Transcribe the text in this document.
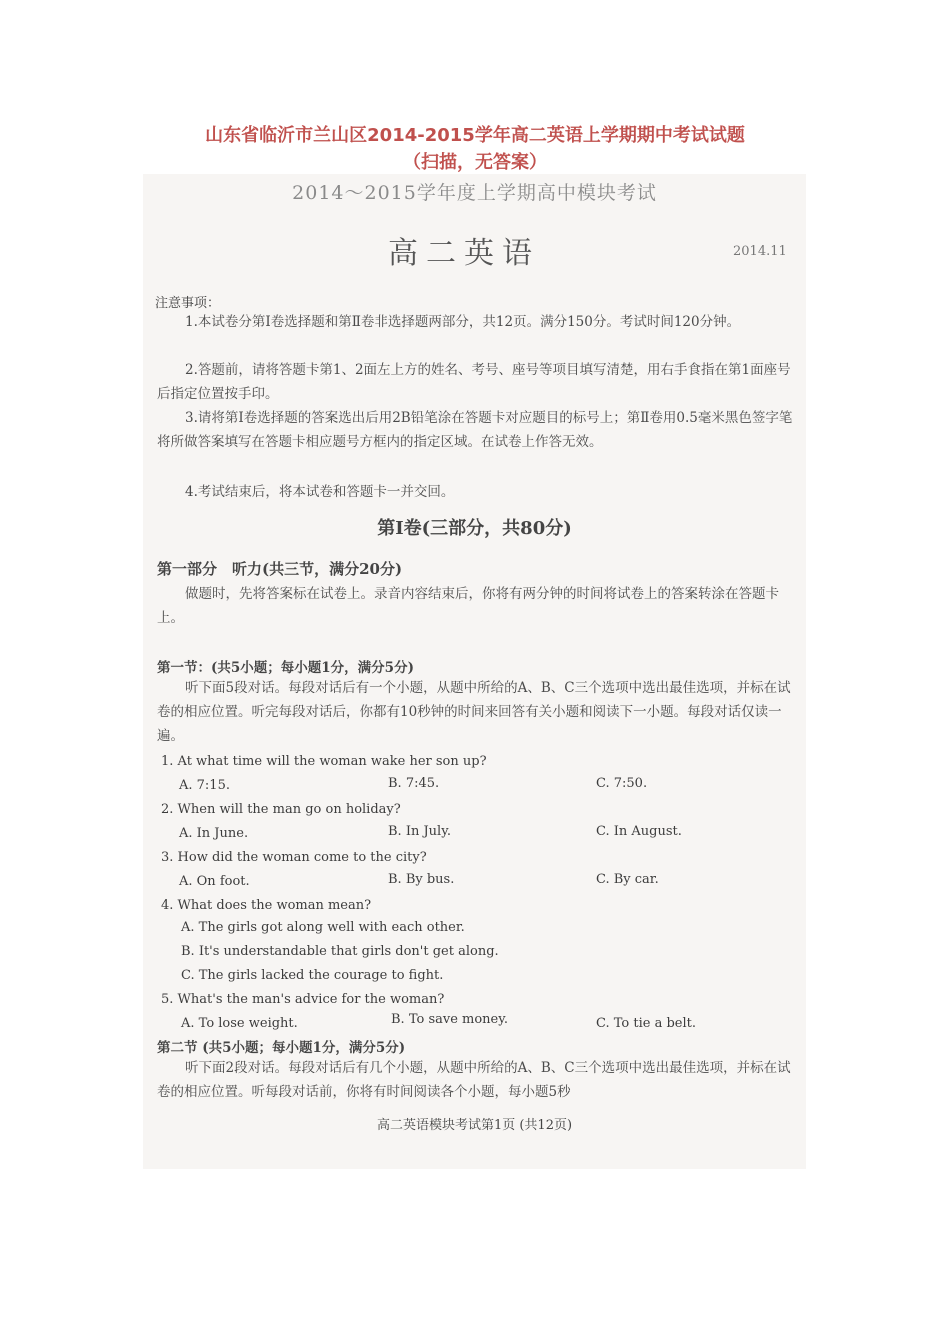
山东省临沂市兰山区2014-2015学年高二英语上学期期中考试试题
（扫描，无答案）
2014～2015学年度上学期高中模块考试
高二英语	2014.11
注意事项：
1.本试卷分第Ⅰ卷选择题和第Ⅱ卷非选择题两部分，共12页。满分150分。考试时间120分钟。
2.答题前，请将答题卡第1、2面左上方的姓名、考号、座号等项目填写清楚，用右手食指在第1面座号后指定位置按手印。
3.请将第Ⅰ卷选择题的答案选出后用2B铅笔涂在答题卡对应题目的标号上；第Ⅱ卷用0.5毫米黑色签字笔将所做答案填写在答题卡相应题号方框内的指定区域。在试卷上作答无效。
4.考试结束后，将本试卷和答题卡一并交回。
第Ⅰ卷(三部分，共80分)
第一部分　听力(共三节，满分20分)
做题时，先将答案标在试卷上。录音内容结束后，你将有两分钟的时间将试卷上的答案转涂在答题卡上。
第一节：(共5小题；每小题1分，满分5分)
听下面5段对话。每段对话后有一个小题，从题中所给的A、B、C三个选项中选出最佳选项，并标在试卷的相应位置。听完每段对话后，你都有10秒钟的时间来回答有关小题和阅读下一小题。每段对话仅读一遍。
1. At what time will the woman wake her son up?
A. 7:15.	B. 7:45.	C. 7:50.
2. When will the man go on holiday?
A. In June.	B. In July.	C. In August.
3. How did the woman come to the city?
A. On foot.	B. By bus.	C. By car.
4. What does the woman mean?
A. The girls got along well with each other.
B. It's understandable that girls don't get along.
C. The girls lacked the courage to fight.
5. What's the man's advice for the woman?
A. To lose weight.	B. To save money.	C. To tie a belt.
第二节 (共5小题；每小题1分，满分5分)
听下面2段对话。每段对话后有几个小题，从题中所给的A、B、C三个选项中选出最佳选项，并标在试卷的相应位置。听每段对话前，你将有时间阅读各个小题，每小题5秒
高二英语模块考试第1页 (共12页)
